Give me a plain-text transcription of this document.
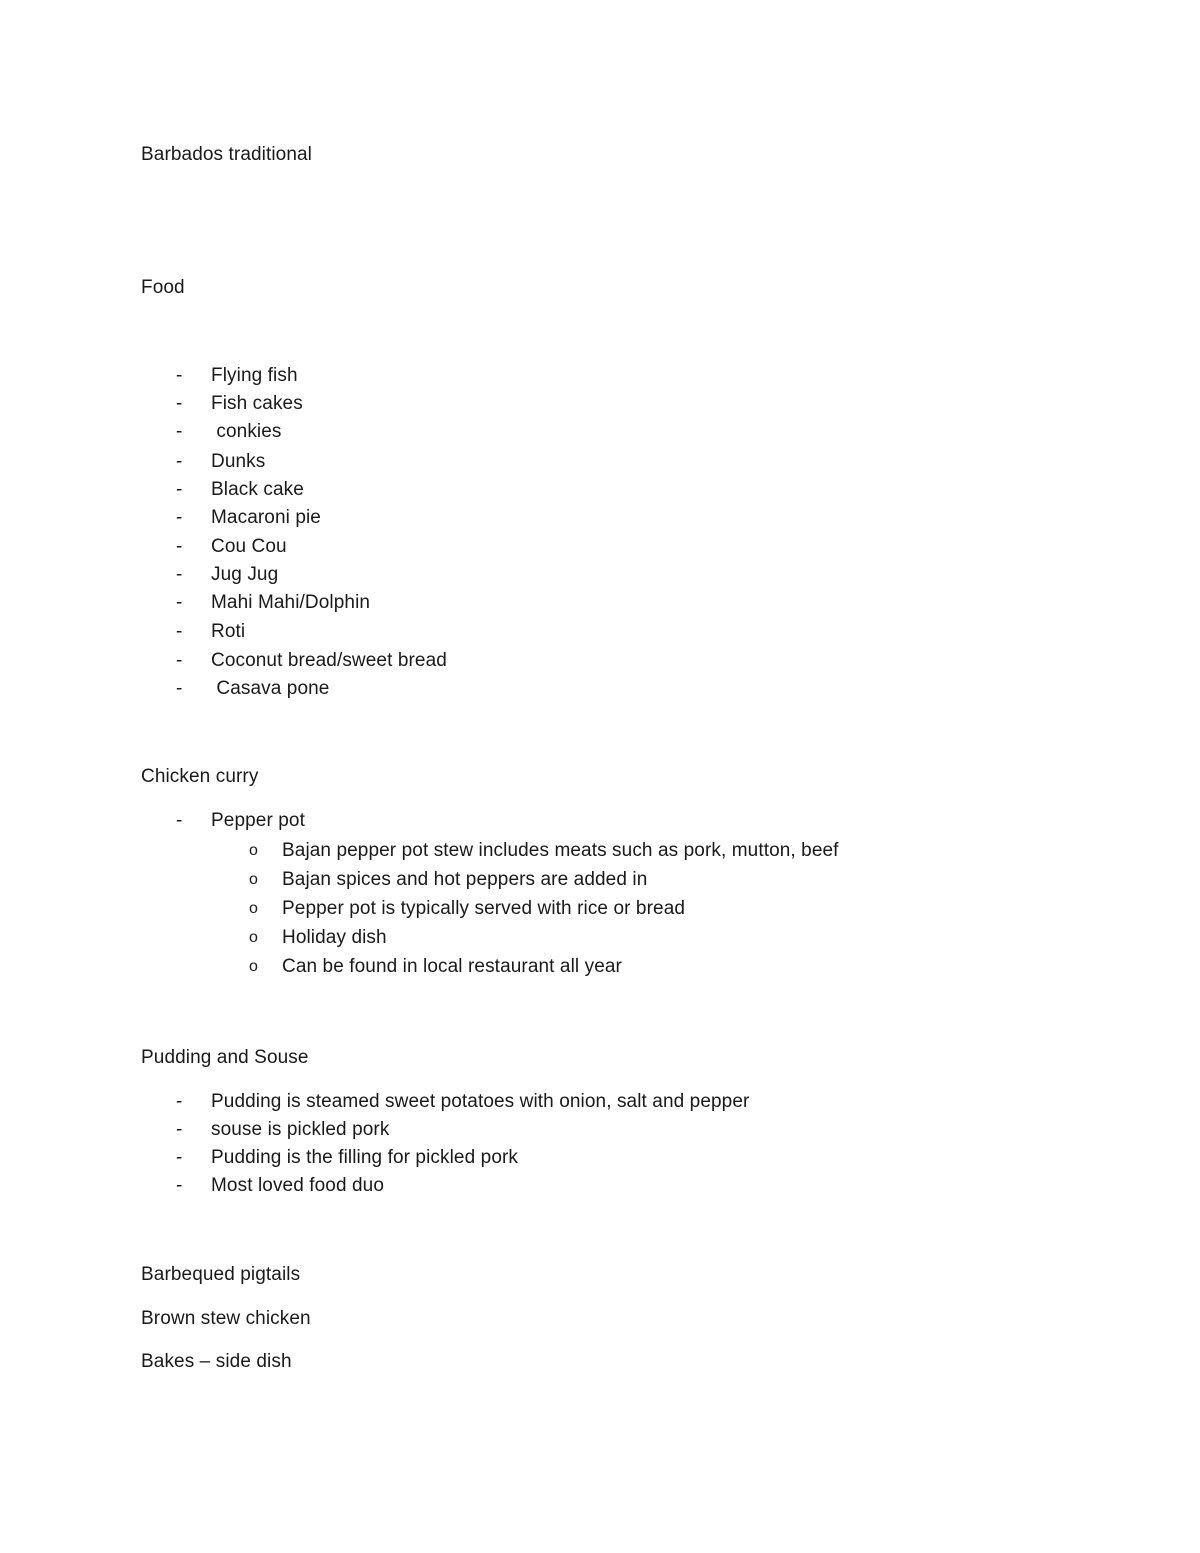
Barbados traditional
Food
- Flying fish
- Fish cakes
- conkies
- Dunks
- Black cake
- Macaroni pie
- Cou Cou
- Jug Jug
- Mahi Mahi/Dolphin
- Roti
- Coconut bread/sweet bread
- Casava pone
Chicken curry
- Pepper pot
o Bajan pepper pot stew includes meats such as pork, mutton, beef
o Bajan spices and hot peppers are added in
o Pepper pot is typically served with rice or bread
o Holiday dish
o Can be found in local restaurant all year
Pudding and Souse
- Pudding is steamed sweet potatoes with onion, salt and pepper
- souse is pickled pork
- Pudding is the filling for pickled pork
- Most loved food duo
Barbequed pigtails
Brown stew chicken
Bakes – side dish
